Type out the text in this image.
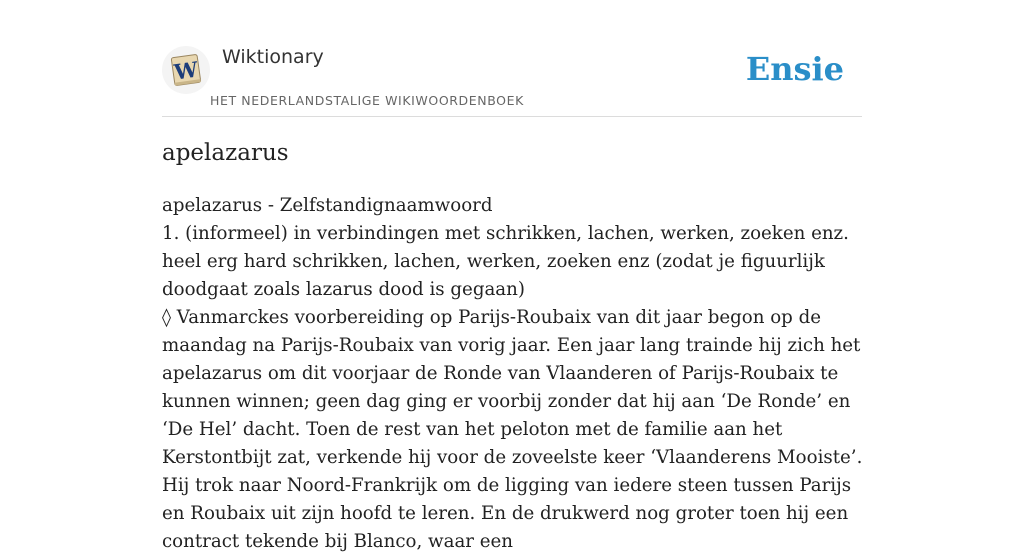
W Wiktionary
HET NEDERLANDSTALIGE WIKIWOORDENBOEK
Ensie
apelazarus

apelazarus - Zelfstandignaamwoord

1. (informeel) in verbindingen met schrikken, lachen, werken, zoeken enz. heel erg hard schrikken, lachen, werken, zoeken enz (zodat je figuurlijk doodgaat zoals lazarus dood is gegaan)

◊ Vanmarckes voorbereiding op Parijs-Roubaix van dit jaar begon op de maandag na Parijs-Roubaix van vorig jaar. Een jaar lang trainde hij zich het apelazarus om dit voorjaar de Ronde van Vlaanderen of Parijs-Roubaix te kunnen winnen; geen dag ging er voorbij zonder dat hij aan ‘De Ronde’ en ‘De Hel’ dacht. Toen de rest van het peloton met de familie aan het Kerstontbijt zat, verkende hij voor de zoveelste keer ‘Vlaanderens Mooiste’. Hij trok naar Noord-Frankrijk om de ligging van iedere steen tussen Parijs en Roubaix uit zijn hoofd te leren. En de drukwerd nog groter toen hij een contract tekende bij Blanco, waar een
